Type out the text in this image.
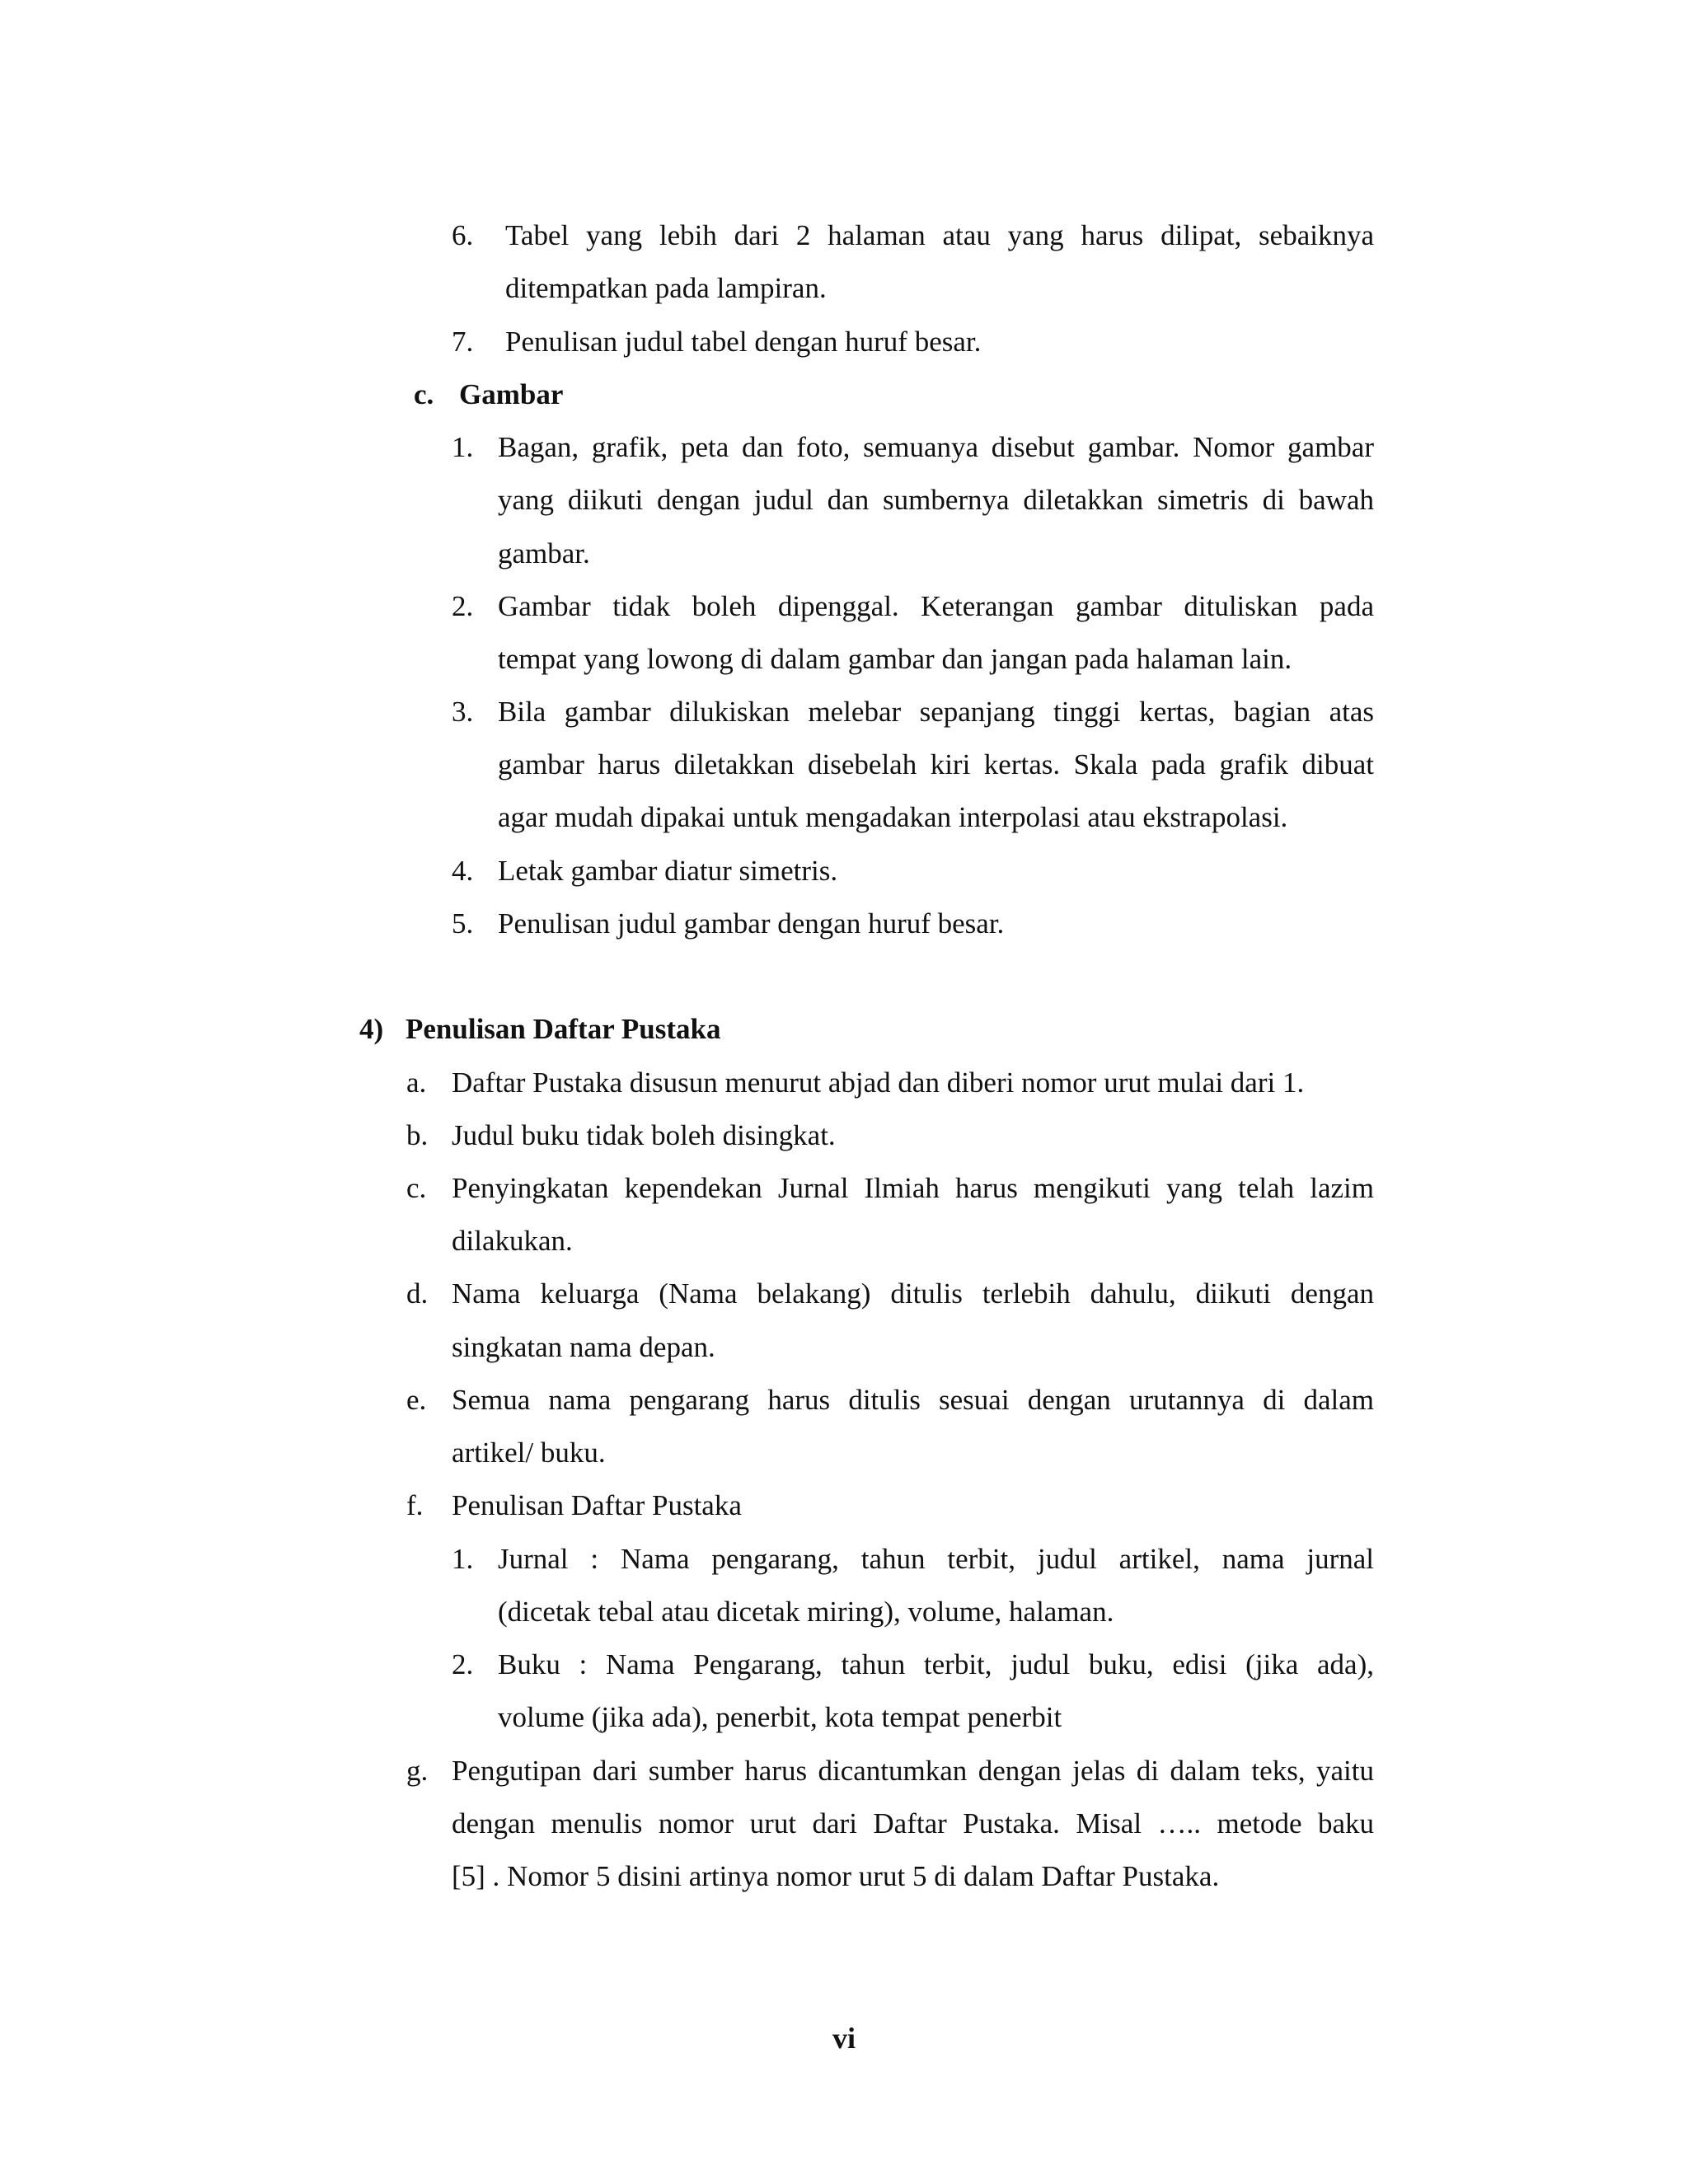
6. Tabel yang lebih dari 2 halaman atau yang harus dilipat, sebaiknya
ditempatkan pada lampiran.
7. Penulisan judul tabel dengan huruf besar.
c. Gambar
1. Bagan, grafik, peta dan foto, semuanya disebut gambar. Nomor gambar
yang diikuti dengan judul dan sumbernya diletakkan simetris di bawah
gambar.
2. Gambar tidak boleh dipenggal. Keterangan gambar dituliskan pada
tempat yang lowong di dalam gambar dan jangan pada halaman lain.
3. Bila gambar dilukiskan melebar sepanjang tinggi kertas, bagian atas
gambar harus diletakkan disebelah kiri kertas. Skala pada grafik dibuat
agar mudah dipakai untuk mengadakan interpolasi atau ekstrapolasi.
4. Letak gambar diatur simetris.
5. Penulisan judul gambar dengan huruf besar.
4) Penulisan Daftar Pustaka
a. Daftar Pustaka disusun menurut abjad dan diberi nomor urut mulai dari 1.
b. Judul buku tidak boleh disingkat.
c. Penyingkatan kependekan Jurnal Ilmiah harus mengikuti yang telah lazim
dilakukan.
d. Nama keluarga (Nama belakang) ditulis terlebih dahulu, diikuti dengan
singkatan nama depan.
e. Semua nama pengarang harus ditulis sesuai dengan urutannya di dalam
artikel/ buku.
f. Penulisan Daftar Pustaka
1. Jurnal : Nama pengarang, tahun terbit, judul artikel, nama jurnal
(dicetak tebal atau dicetak miring), volume, halaman.
2. Buku : Nama Pengarang, tahun terbit, judul buku, edisi (jika ada),
volume (jika ada), penerbit, kota tempat penerbit
g. Pengutipan dari sumber harus dicantumkan dengan jelas di dalam teks, yaitu
dengan menulis nomor urut dari Daftar Pustaka. Misal ….. metode baku
[5] . Nomor 5 disini artinya nomor urut 5 di dalam Daftar Pustaka.
vi
